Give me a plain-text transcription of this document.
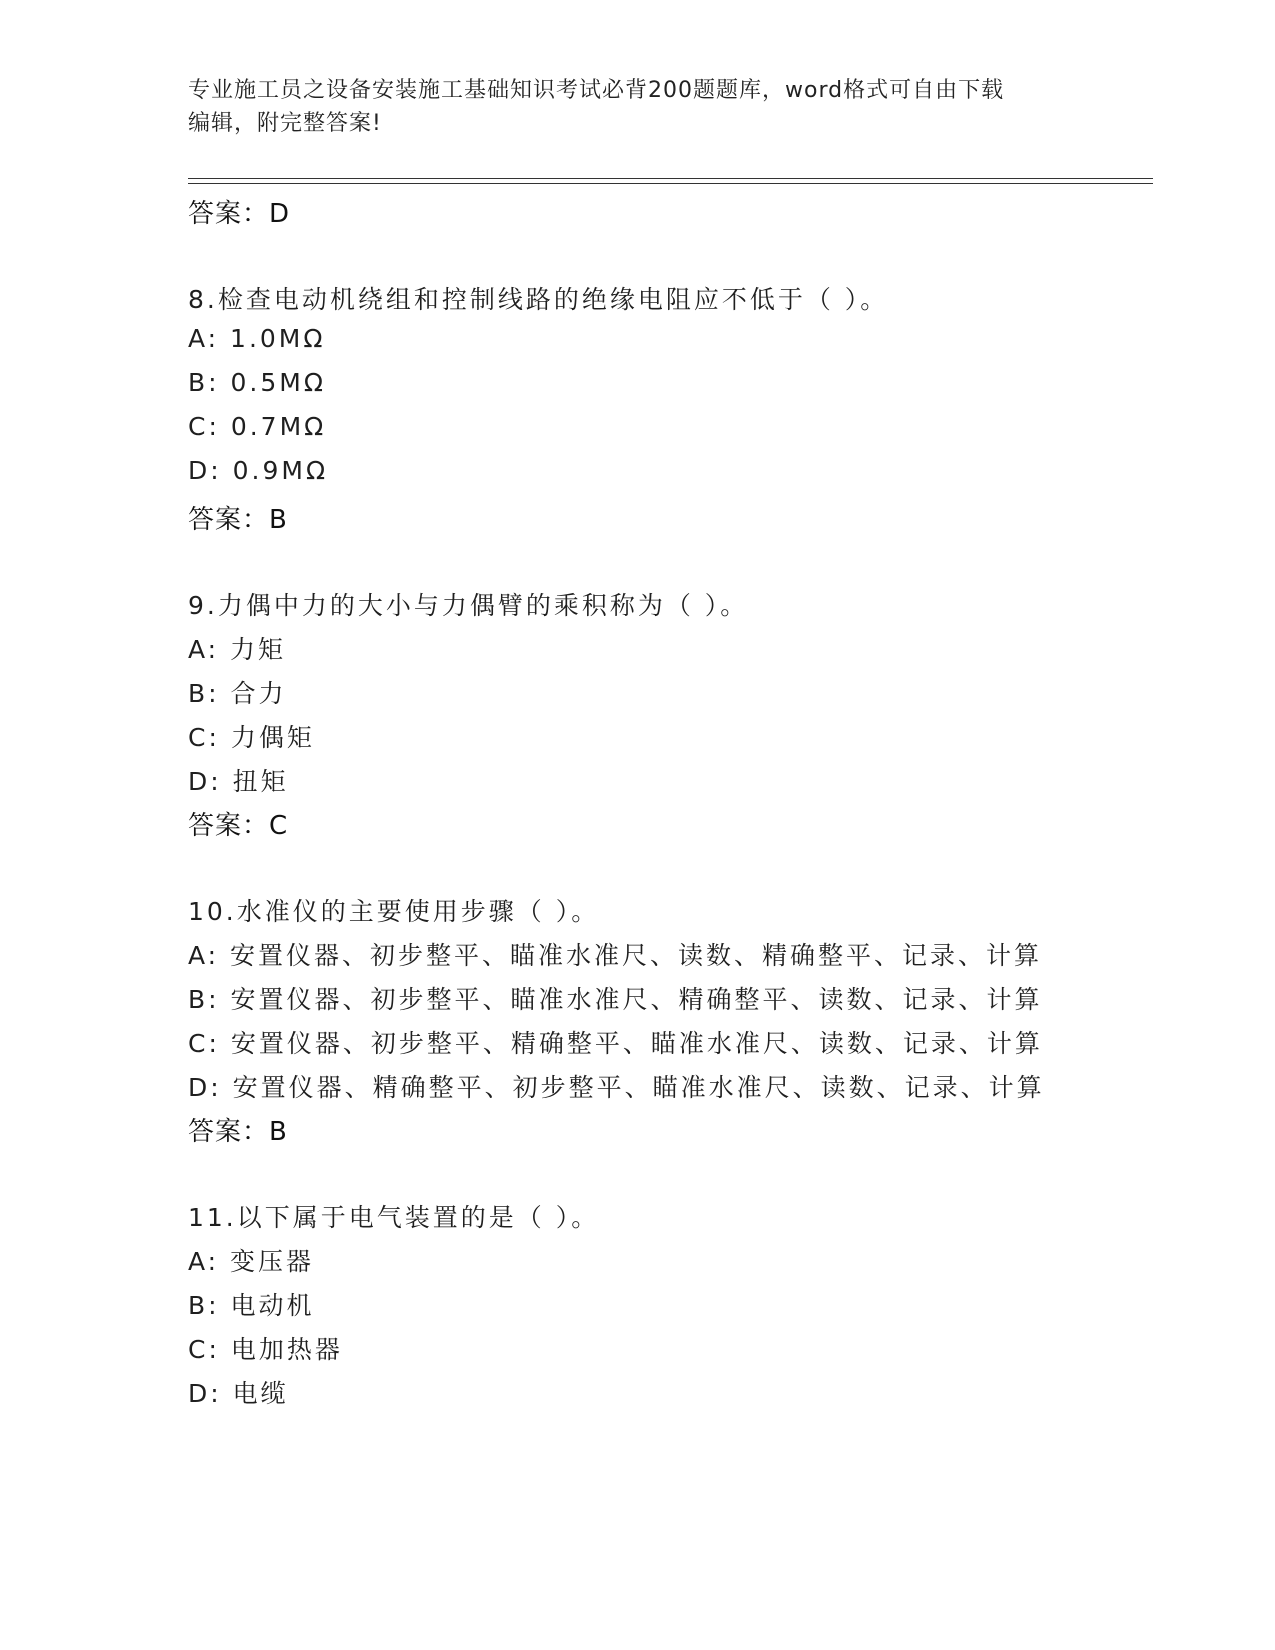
专业施工员之设备安装施工基础知识考试必背200题题库，word格式可自由下载
编辑，附完整答案!
答案：D
8.检查电动机绕组和控制线路的绝缘电阻应不低于（ ）。
A: 1.0MΩ
B: 0.5MΩ
C: 0.7MΩ
D: 0.9MΩ
答案：B
9.力偶中力的大小与力偶臂的乘积称为（ ）。
A: 力矩
B: 合力
C: 力偶矩
D: 扭矩
答案：C
10.水准仪的主要使用步骤（ ）。
A: 安置仪器、初步整平、瞄准水准尺、读数、精确整平、记录、计算
B: 安置仪器、初步整平、瞄准水准尺、精确整平、读数、记录、计算
C: 安置仪器、初步整平、精确整平、瞄准水准尺、读数、记录、计算
D: 安置仪器、精确整平、初步整平、瞄准水准尺、读数、记录、计算
答案：B
11.以下属于电气装置的是（ ）。
A: 变压器
B: 电动机
C: 电加热器
D: 电缆
